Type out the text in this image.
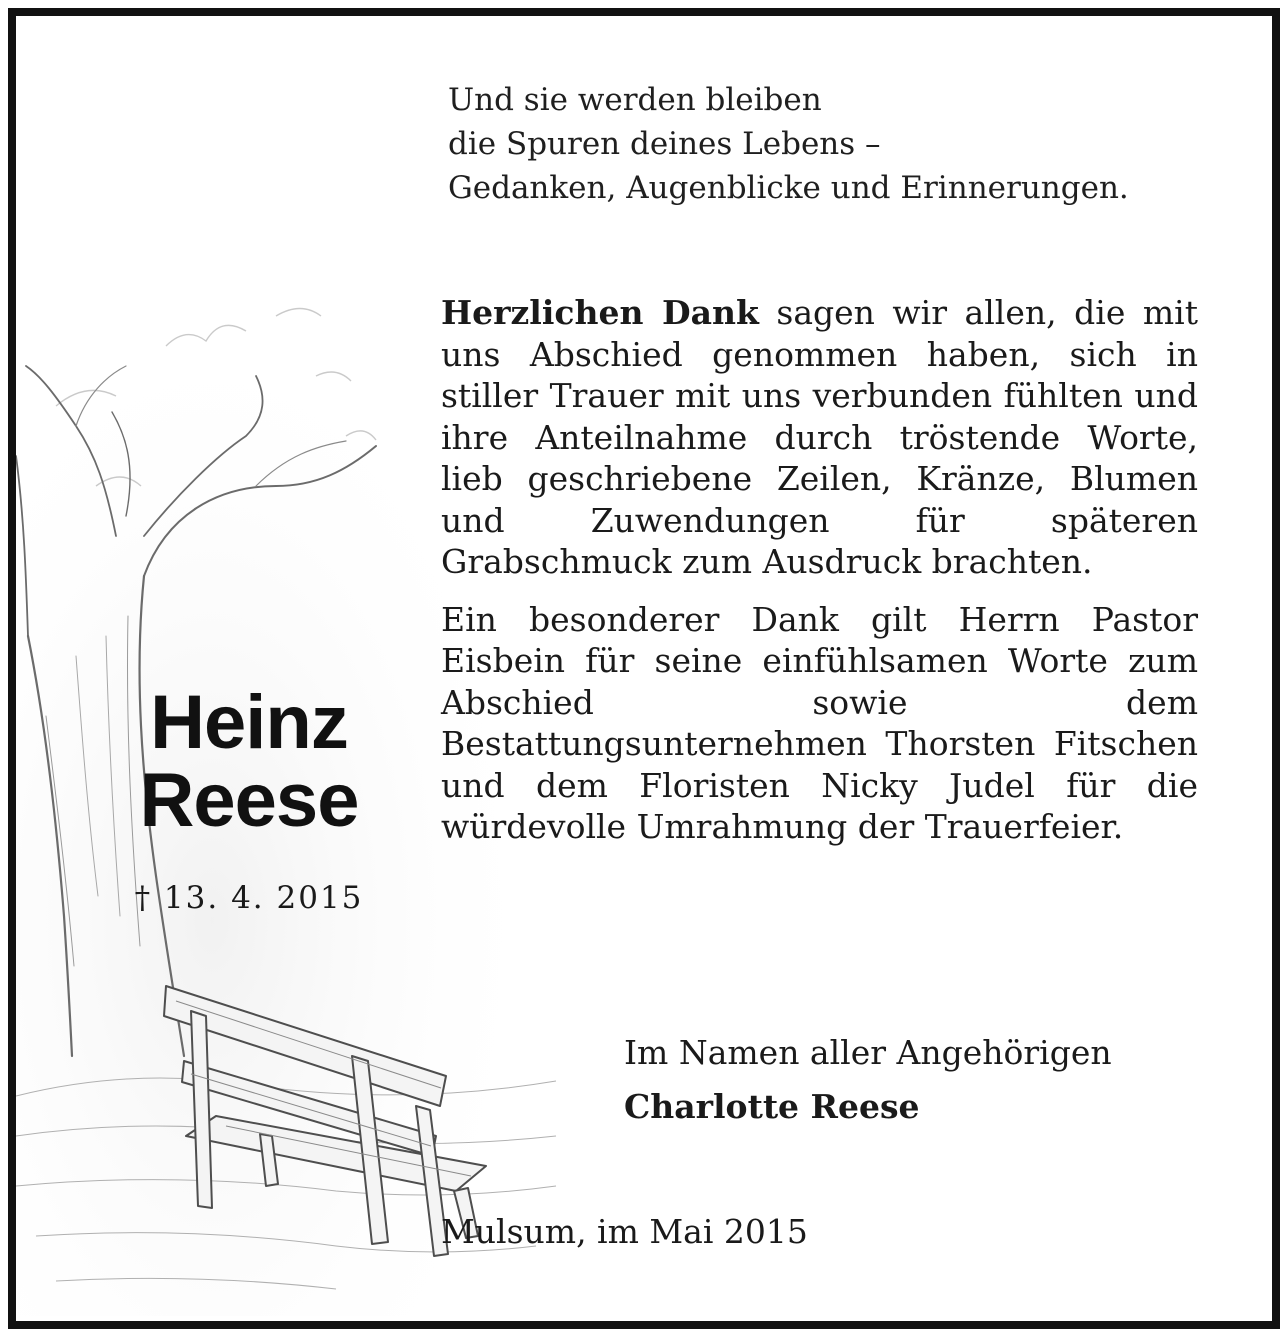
Und sie werden bleiben
die Spuren deines Lebens –
Gedanken, Augenblicke und Erinnerungen.

Herzlichen Dank sagen wir allen, die mit uns Abschied genommen haben, sich in stiller Trauer mit uns verbunden fühlten und ihre Anteilnahme durch tröstende Worte, lieb geschriebene Zeilen, Kränze, Blumen und Zuwendungen für späteren Grabschmuck zum Ausdruck brachten.

Ein besonderer Dank gilt Herrn Pastor Eisbein für seine einfühlsamen Worte zum Abschied sowie dem Bestattungsunternehmen Thorsten Fitschen und dem Floristen Nicky Judel für die würdevolle Umrahmung der Trauerfeier.

Heinz
Reese
† 13. 4. 2015
Im Namen aller Angehörigen
Charlotte Reese
Mulsum, im Mai 2015
